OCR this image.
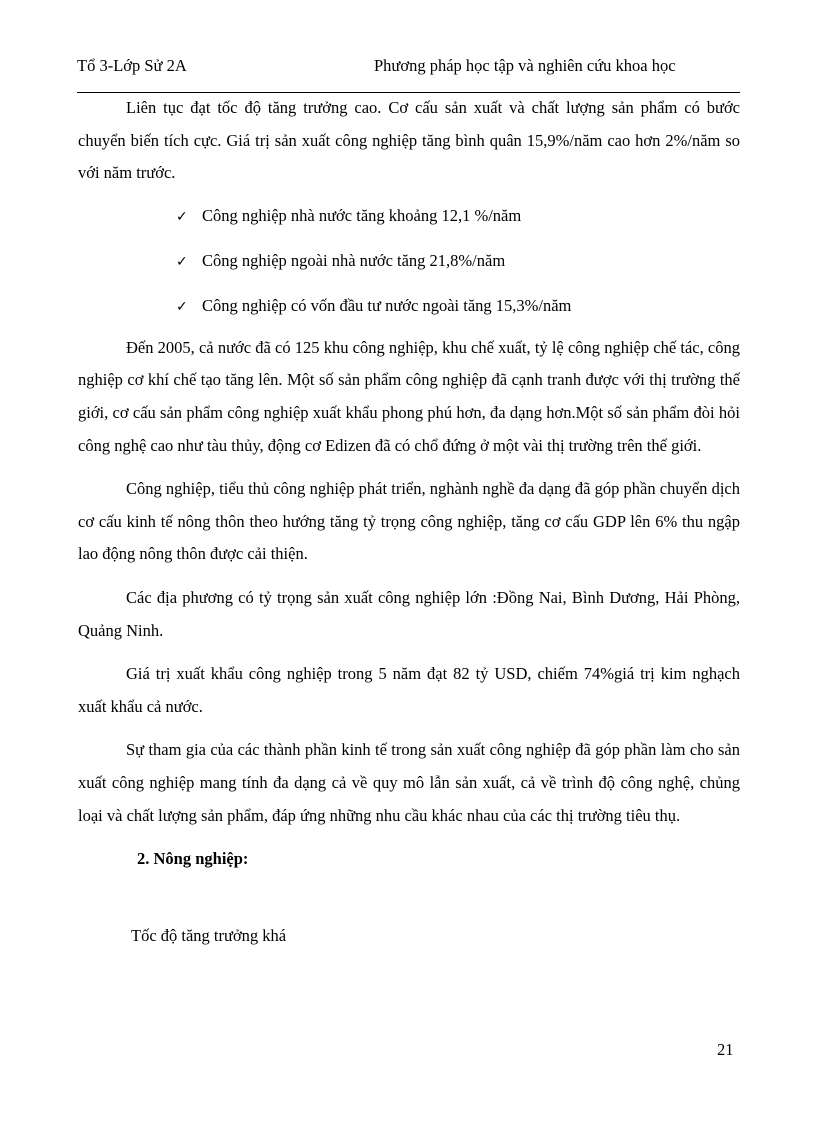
Tổ 3-Lớp Sử 2A	Phương pháp học tập và nghiên cứu khoa học

Liên tục đạt tốc độ tăng trưởng cao. Cơ cấu sản xuất và chất lượng sản phẩm có bước chuyển biến tích cực. Giá trị sản xuất công nghiệp tăng bình quân 15,9%/năm cao hơn 2%/năm so với năm trước.

✓ Công nghiệp nhà nước tăng khoảng 12,1 %/năm
✓ Công nghiệp ngoài nhà nước tăng 21,8%/năm
✓ Công nghiệp có vốn đầu tư nước ngoài tăng 15,3%/năm

Đến 2005, cả nước đã có 125 khu công nghiệp, khu chế xuất, tỷ lệ công nghiệp chế tác, công nghiệp cơ khí chế tạo tăng lên. Một số sản phẩm công nghiệp đã cạnh tranh được với thị trường thế giới, cơ cấu sản phẩm công nghiệp xuất khẩu phong phú hơn, đa dạng hơn.Một số sản phẩm đòi hỏi công nghệ cao như tàu thủy, động cơ Edizen đã có chổ đứng ở một vài thị trường trên thế giới.

Công nghiệp, tiểu thủ công nghiệp phát triển, nghành nghề đa dạng đã góp phần chuyển dịch cơ cấu kinh tế nông thôn theo hướng tăng tỷ trọng công nghiệp, tăng cơ cấu GDP lên 6% thu ngập lao động nông thôn được cải thiện.

Các địa phương có tỷ trọng sản xuất công nghiệp lớn :Đồng Nai, Bình Dương, Hải Phòng, Quảng Ninh.

Giá trị xuất khẩu công nghiệp trong 5 năm đạt 82 tỷ USD, chiếm 74%giá trị kim nghạch xuất khẩu cả nước.

Sự tham gia của các thành phần kinh tế trong sản xuất công nghiệp đã góp phần làm cho sản xuất công nghiệp mang tính đa dạng cả về quy mô lẫn sản xuất, cả về trình độ công nghệ, chủng loại và chất lượng sản phẩm, đáp ứng những nhu cầu khác nhau của các thị trường tiêu thụ.

2. Nông nghiệp:

Tốc độ tăng trưởng khá

21
